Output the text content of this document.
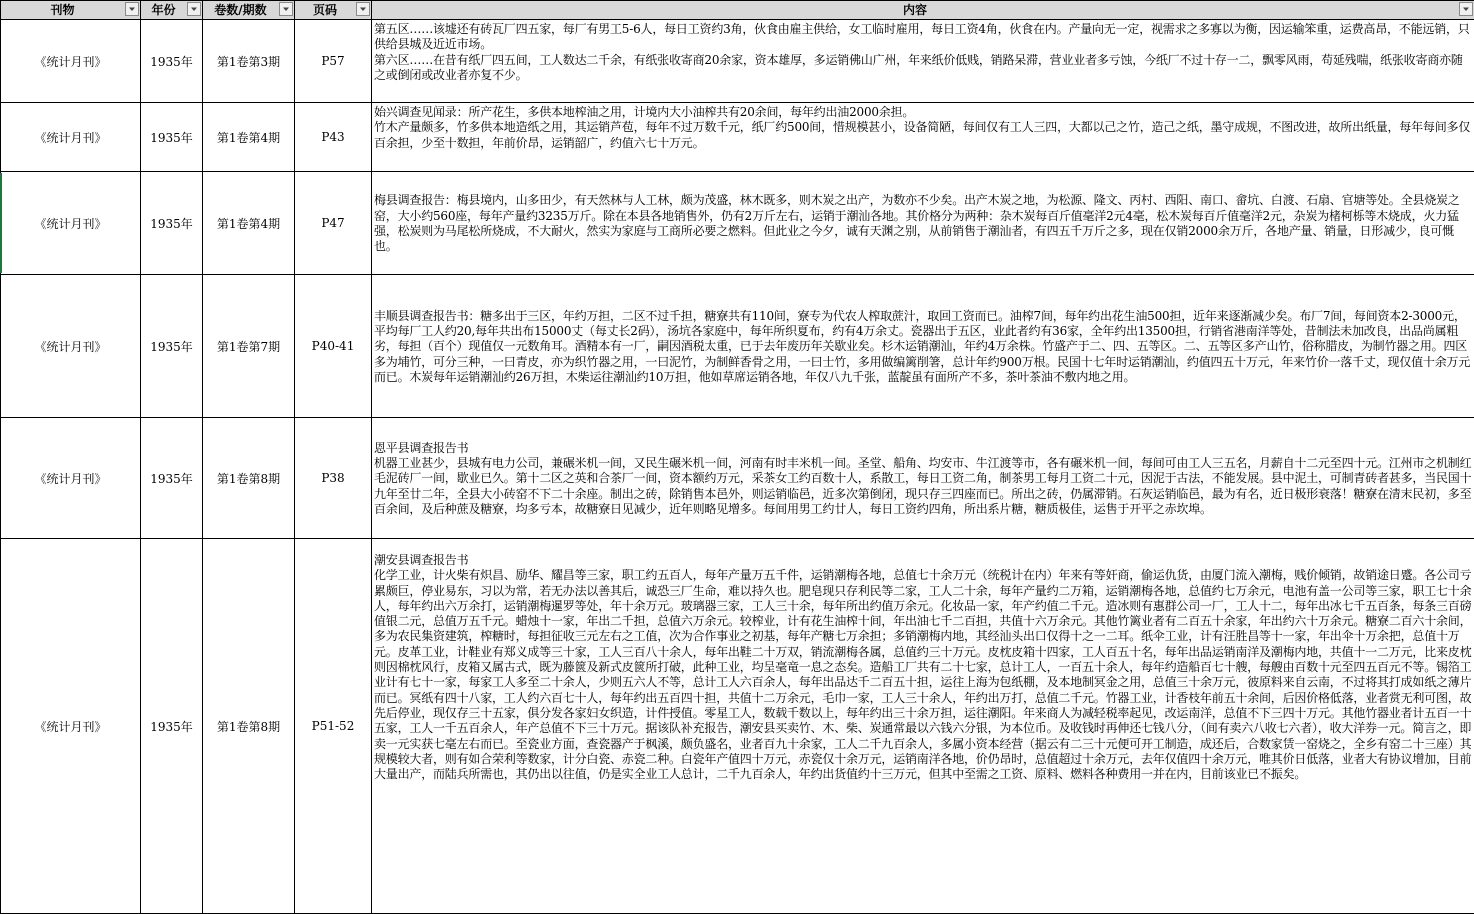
刊物	年份	卷数/期数	页码	内容

《统计月刊》	1935年	第1卷第3期	P57	第五区……该墟还有砖瓦厂四五家，每厂有男工5-6人，每日工资约3角，伙食由雇主供给，女工临时雇用，每日工资4角，伙食在内。产量向无一定，视需求之多寡以为衡，因运输笨重，运费高昂，不能远销，只供给县城及近近市场。
第六区……在昔有纸厂四五间，工人数达二千余，有纸张收寄商20余家，资本雄厚，多运销佛山广州，年来纸价低贱，销路呆滞，营业业者多亏蚀，今纸厂不过十存一二，飘零风雨，苟延残喘，纸张收寄商亦随之或倒闭或改业者亦复不少。

《统计月刊》	1935年	第1卷第4期	P43	始兴调查见闻录：所产花生，多供本地榨油之用，计境内大小油榨共有20余间，每年约出油2000余担。
竹木产量颇多，竹多供本地造纸之用，其运销芦苞，每年不过万数千元，纸厂约500间，惜规模甚小，设备简陋，每间仅有工人三四，大都以己之竹，造己之纸，墨守成规，不图改进，故所出纸量，每年每间多仅百余担，少至十数担，年前价昂，运销韶广，约值六七十万元。

《统计月刊》	1935年	第1卷第4期	P47	梅县调查报告：梅县境内，山多田少，有天然林与人工林，颇为茂盛，林木既多，则木炭之出产，为数亦不少矣。出产木炭之地，为松源、隆文、丙村、西阳、南口、畲坑、白渡、石扇、官塘等处。全县烧炭之窑，大小约560座，每年产量约3235万斤。除在本县各地销售外，仍有2万斤左右，运销于潮汕各地。其价格分为两种：杂木炭每百斤值毫洋2元4毫，松木炭每百斤值毫洋2元，杂炭为楮柯栎等木烧成，火力猛强，松炭则为马尾松所烧成，不大耐火，然实为家庭与工商所必要之燃料。但此业之今夕，诚有天渊之别，从前销售于潮汕者，有四五千万斤之多，现在仅销2000余万斤，各地产量、销量，日形减少，良可慨也。

《统计月刊》	1935年	第1卷第7期	P40-41	丰顺县调查报告书：糖多出于三区，年约万担，二区不过千担，糖寮共有110间，寮专为代农人榨取蔗汁，取回工资而已。油榨7间，每年约出花生油500担，近年来逐渐减少矣。布厂7间，每间资本2-3000元，平均每厂工人约20,每年共出布15000丈（每丈长2码），汤坑各家庭中，每年所织夏布，约有4万余丈。瓷器出于五区，业此者约有36家，全年约出13500担，行销省港南洋等处，昔制法未加改良，出品尚属粗劣，每担（百个）现值仅一元数角耳。酒精本有一厂，嗣因酒税太重，已于去年废历年关歇业矣。杉木运销潮汕，年约4万余株。竹盛产于二、四、五等区。二、五等区多产山竹，俗称腊皮，为制竹器之用。四区多为埔竹，可分三种，一曰青皮，亦为织竹器之用，一曰泥竹，为制鲜香骨之用，一曰士竹，多用做编篱削箸，总计年约900万根。民国十七年时运销潮汕，约值四五十万元，年来竹价一落千丈，现仅值十余万元而已。木炭每年运销潮汕约26万担，木柴运往潮汕约10万担，他如草席运销各地，年仅八九千张，蓝靛虽有面所产不多，茶叶茶油不敷内地之用。

《统计月刊》	1935年	第1卷第8期	P38	恩平县调查报告书
机器工业甚少，县城有电力公司，兼碾米机一间，又民生碾米机一间，河南有时丰米机一间。圣堂、船角、均安市、牛江渡等市，各有碾米机一间，每间可由工人三五名，月薪自十二元至四十元。江州市之机制红毛泥砖厂一间，歇业已久。第十二区之英和合茶厂一间，资本额约万元，采茶女工约百数十人，系散工，每日工资二角，制茶男工每月工资二十元，因泥于古法，不能发展。县中泥土，可制青砖者甚多，当民国十九年至廿二年，全县大小砖窑不下二十余座。制出之砖，除销售本邑外，则运销临邑，近多次第倒闭，现只存三四座而已。所出之砖，仍属滞销。石灰运销临邑，最为有名，近日极形衰落！糖寮在清末民初，多至百余间，及后种蔗及糖寮，均多亏本，故糖寮日见减少，近年则略见增多。每间用男工约廿人，每日工资约四角，所出系片糖，糖质极佳，运售于开平之赤坎埠。

《统计月刊》	1935年	第1卷第8期	P51-52	潮安县调查报告书
化学工业，计火柴有炽昌、励华、耀昌等三家，职工约五百人，每年产量万五千件，运销潮梅各地，总值七十余万元（统税计在内）年来有等奸商，偷运仇货，由厦门流入潮梅，贱价倾销，故销途日蹙。各公司亏累颇巨，停业易东，习以为常，若无办法以善其后，诚恐三厂生命，难以持久也。肥皂现只存利民等二家，工人二十余，每年产量约二万箱，运销潮梅各地，总值约七万余元，电池有盖一公司等三家，职工七十余人，每年约出六万余打，运销潮梅暹罗等处，年十余万元。玻璃器三家，工人三十余，每年所出约值万余元。化妆品一家，年产约值二千元。造冰则有惠群公司一厂，工人十二，每年出冰七千五百条，每条三百磅值银二元，总值万五千元。蜡烛十一家，年出二千担，总值六万余元。较榨业，计有花生油榨十间，年出油七千二百担，共值十六万余元。其他竹篱业者有二百五十余家，年出约六十万余元。糖寮二百六十余间，多为农民集资建筑，榨糖时，每担征收三元左右之工值，次为合作事业之初基，每年产糖七万余担；多销潮梅内地，其经汕头出口仅得十之一二耳。纸伞工业，计有汪胜昌等十一家，年出伞十万余把，总值十万元。皮革工业，计鞋业有郑义成等三十家，工人三百八十余人，每年出鞋二十万双，销流潮梅各属，总值约三十万元。皮枕皮箱十四家，工人百五十名，每年出品运销南洋及潮梅内地，共值十一二万元，比来皮枕则因棉枕风行，皮箱又属古式，既为藤篋及新式皮篋所打破，此种工业，均呈毫竜一息之态矣。造船工厂共有二十七家，总计工人，一百五十余人，每年约造船百七十艘，每艘由百数十元至四五百元不等。锡箔工业计有七十一家，每家工人多至二十余人，少则五六人不等，总计工人六百余人，每年出品达千二百五十担，运往上海为包纸棚，及本地制冥金之用，总值三十余万元，彼原料来自云南，不过将其打成如纸之薄片而已。冥纸有四十八家，工人约六百七十人，每年约出五百四十担，共值十二万余元，毛巾一家，工人三十余人，年约出万打，总值二千元。竹器工业，计香枝年前五十余间，后因价格低落，业者赏无利可图，故先后停业，现仅存三十五家，俱分发各家妇女织造，计件授值。零星工人，数载千数以上，每年约出三十余万担，运往潮阳。年来商人为减轻税率起见，改运南洋，总值不下三四十万元。其他竹器业者计五百一十五家，工人一千五百余人，年产总值不下三十万元。据该队补充报告，潮安县买卖竹、木、柴、炭通常最以六钱六分银，为本位币。及收钱时再伸还七钱八分，（间有卖六八收七六者），收大洋券一元。简言之，即卖一元实获七毫左右而已。至瓷业方面，查瓷器产于枫溪，颇负盛名，业者百九十余家，工人二千九百余人，多属小资本经营（据云有二三十元便可开工制造，成还后，合数家赁一窑烧之，全乡有窑二十三座）其规模较大者，则有如合荣利等数家，计分白瓷、赤瓷二种。白瓷年产值四十万元，赤瓷仅十余万元，运销南洋各地，价仍昂时，总值超过十余万元，去年仅值四十余万元，唯其价日低落，业者大有协议增加，目前大量出产，而陆兵所需也，其仍出以往值，仍是实全业工人总计，二千九百余人，年约出货值约十三万元，但其中至需之工资、原料、燃料各种费用一并在内，目前该业已不振矣。
